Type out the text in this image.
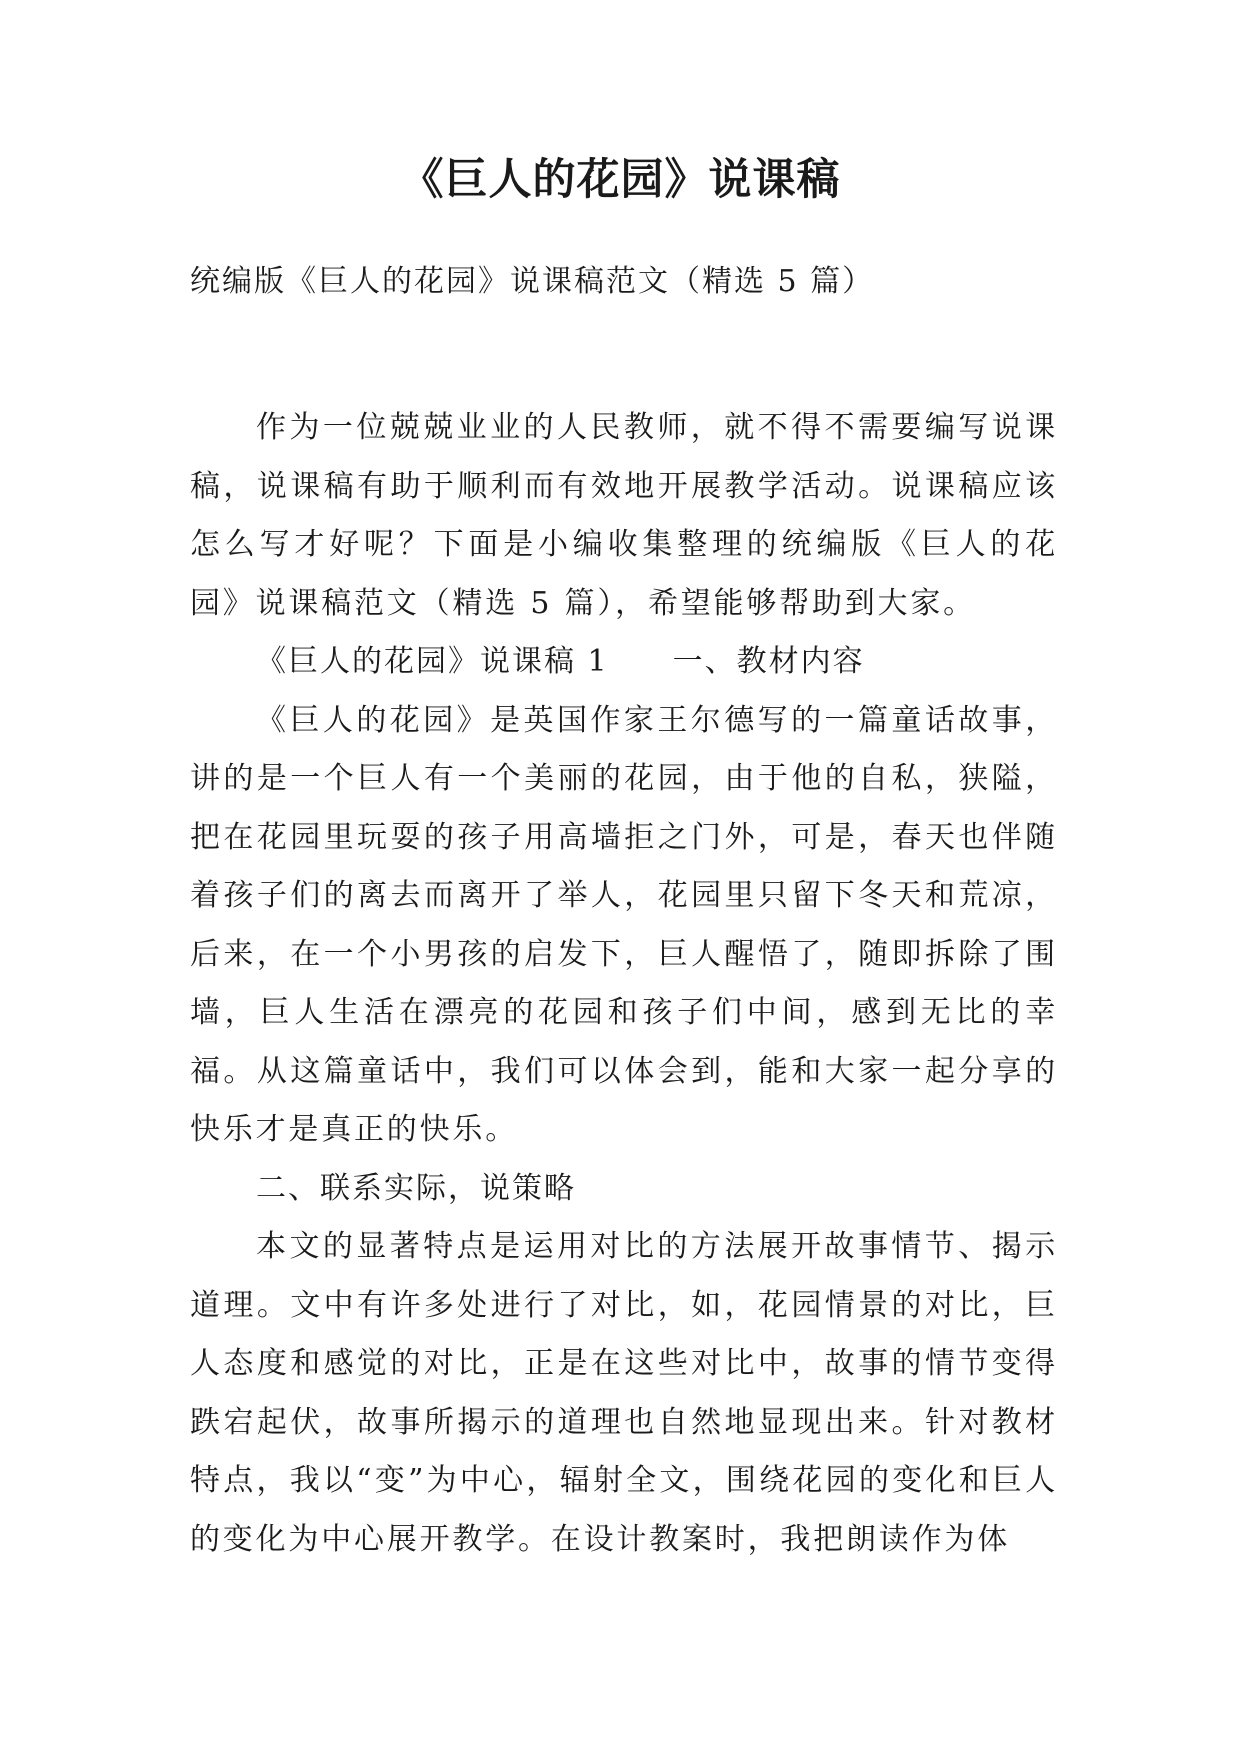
《巨人的花园》说课稿

统编版《巨人的花园》说课稿范文（精选 5 篇）

作为一位兢兢业业的人民教师，就不得不需要编写说课稿，说课稿有助于顺利而有效地开展教学活动。说课稿应该怎么写才好呢？下面是小编收集整理的统编版《巨人的花园》说课稿范文（精选 5 篇），希望能够帮助到大家。

《巨人的花园》说课稿 1　　一、教材内容

《巨人的花园》是英国作家王尔德写的一篇童话故事，讲的是一个巨人有一个美丽的花园，由于他的自私，狭隘，把在花园里玩耍的孩子用高墙拒之门外，可是，春天也伴随着孩子们的离去而离开了举人，花园里只留下冬天和荒凉，后来，在一个小男孩的启发下，巨人醒悟了，随即拆除了围墙，巨人生活在漂亮的花园和孩子们中间，感到无比的幸福。从这篇童话中，我们可以体会到，能和大家一起分享的快乐才是真正的快乐。

二、联系实际，说策略

本文的显著特点是运用对比的方法展开故事情节、揭示道理。文中有许多处进行了对比，如，花园情景的对比，巨人态度和感觉的对比，正是在这些对比中，故事的情节变得跌宕起伏，故事所揭示的道理也自然地显现出来。针对教材特点，我以“变”为中心，辐射全文，围绕花园的变化和巨人的变化为中心展开教学。在设计教案时，我把朗读作为体
